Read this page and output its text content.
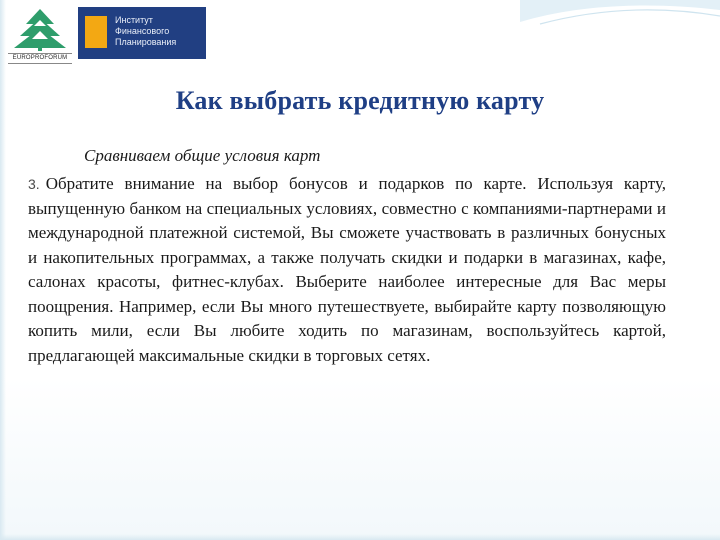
EUROPROFORUM

Институт
Финансового
Планирования

Как выбрать кредитную карту

Сравниваем общие условия карт

3. Обратите внимание на выбор бонусов и подарков по карте. Используя карту, выпущенную банком на специальных условиях, совместно с компаниями-партнерами и международной платежной системой, Вы сможете участвовать в различных бонусных и накопительных программах, а также получать скидки и подарки в магазинах, кафе, салонах красоты, фитнес-клубах. Выберите наиболее интересные для Вас меры поощрения. Например, если Вы много путешествуете, выбирайте карту позволяющую копить мили, если Вы любите ходить по магазинам, воспользуйтесь картой, предлагающей максимальные скидки в торговых сетях.
